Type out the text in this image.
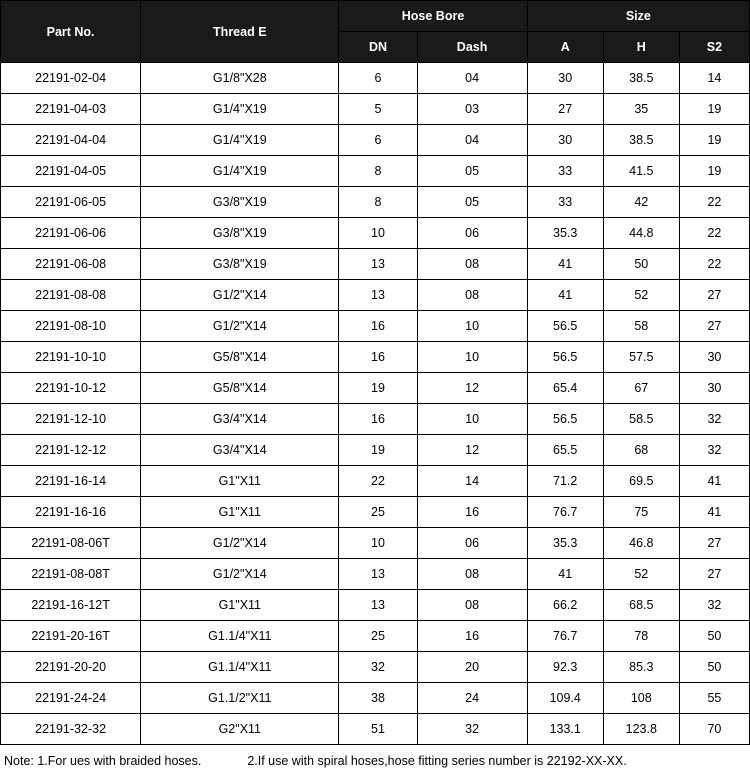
Part No.	Thread E	Hose Bore		Size		
		DN	Dash	A	H	S2
22191-02-04	G1/8"X28	6	04	30	38.5	14
22191-04-03	G1/4"X19	5	03	27	35	19
22191-04-04	G1/4"X19	6	04	30	38.5	19
22191-04-05	G1/4"X19	8	05	33	41.5	19
22191-06-05	G3/8"X19	8	05	33	42	22
22191-06-06	G3/8"X19	10	06	35.3	44.8	22
22191-06-08	G3/8"X19	13	08	41	50	22
22191-08-08	G1/2"X14	13	08	41	52	27
22191-08-10	G1/2"X14	16	10	56.5	58	27
22191-10-10	G5/8"X14	16	10	56.5	57.5	30
22191-10-12	G5/8"X14	19	12	65.4	67	30
22191-12-10	G3/4"X14	16	10	56.5	58.5	32
22191-12-12	G3/4"X14	19	12	65.5	68	32
22191-16-14	G1"X11	22	14	71.2	69.5	41
22191-16-16	G1"X11	25	16	76.7	75	41
22191-08-06T	G1/2"X14	10	06	35.3	46.8	27
22191-08-08T	G1/2"X14	13	08	41	52	27
22191-16-12T	G1"X11	13	08	66.2	68.5	32
22191-20-16T	G1.1/4"X11	25	16	76.7	78	50
22191-20-20	G1.1/4"X11	32	20	92.3	85.3	50
22191-24-24	G1.1/2"X11	38	24	109.4	108	55
22191-32-32	G2"X11	51	32	133.1	123.8	70
Note: 1.For ues with braided hoses.	2.If use with spiral hoses,hose fitting series number is 22192-XX-XX.
